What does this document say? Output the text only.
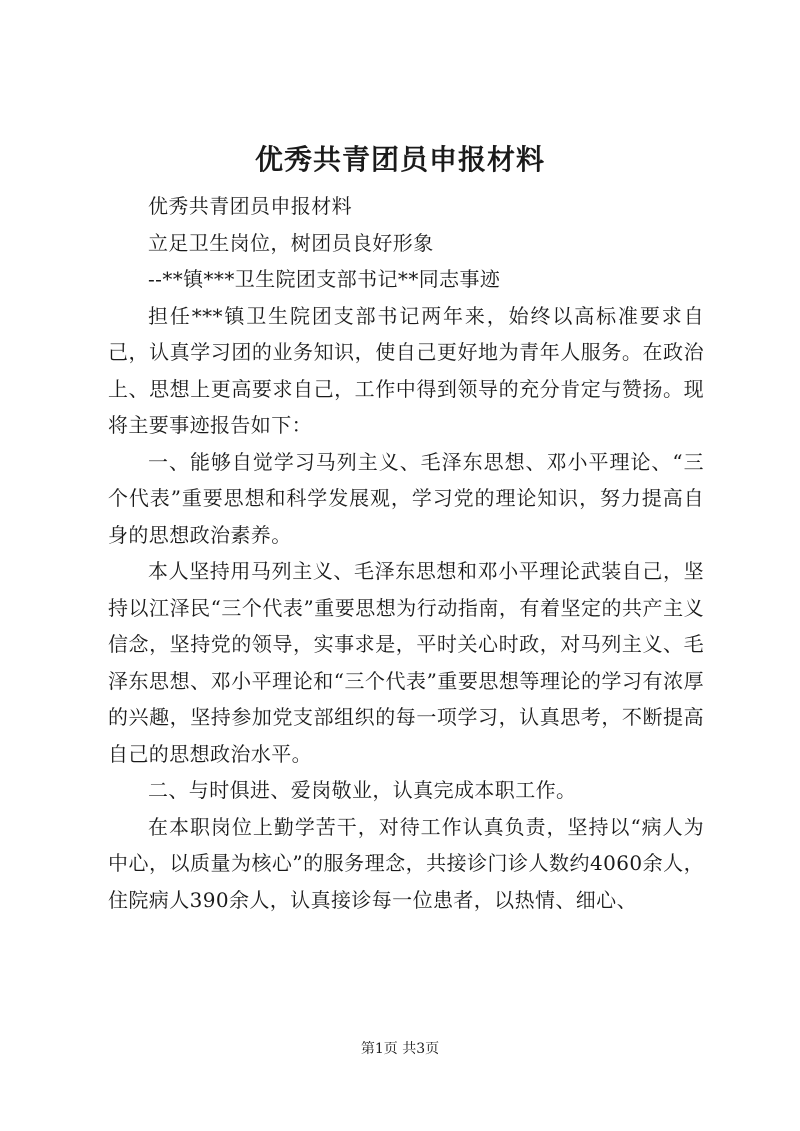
优秀共青团员申报材料

优秀共青团员申报材料

立足卫生岗位，树团员良好形象

--**镇***卫生院团支部书记**同志事迹

担任***镇卫生院团支部书记两年来，始终以高标准要求自己，认真学习团的业务知识，使自己更好地为青年人服务。在政治上、思想上更高要求自己，工作中得到领导的充分肯定与赞扬。现将主要事迹报告如下：

一、能够自觉学习马列主义、毛泽东思想、邓小平理论、“三个代表”重要思想和科学发展观，学习党的理论知识，努力提高自身的思想政治素养。

本人坚持用马列主义、毛泽东思想和邓小平理论武装自己，坚持以江泽民“三个代表”重要思想为行动指南，有着坚定的共产主义信念，坚持党的领导，实事求是，平时关心时政，对马列主义、毛泽东思想、邓小平理论和“三个代表”重要思想等理论的学习有浓厚的兴趣，坚持参加党支部组织的每一项学习，认真思考，不断提高自己的思想政治水平。

二、与时俱进、爱岗敬业，认真完成本职工作。

在本职岗位上勤学苦干，对待工作认真负责，坚持以“病人为中心，以质量为核心”的服务理念，共接诊门诊人数约4060余人，住院病人390余人，认真接诊每一位患者，以热情、细心、

第1页 共3页
